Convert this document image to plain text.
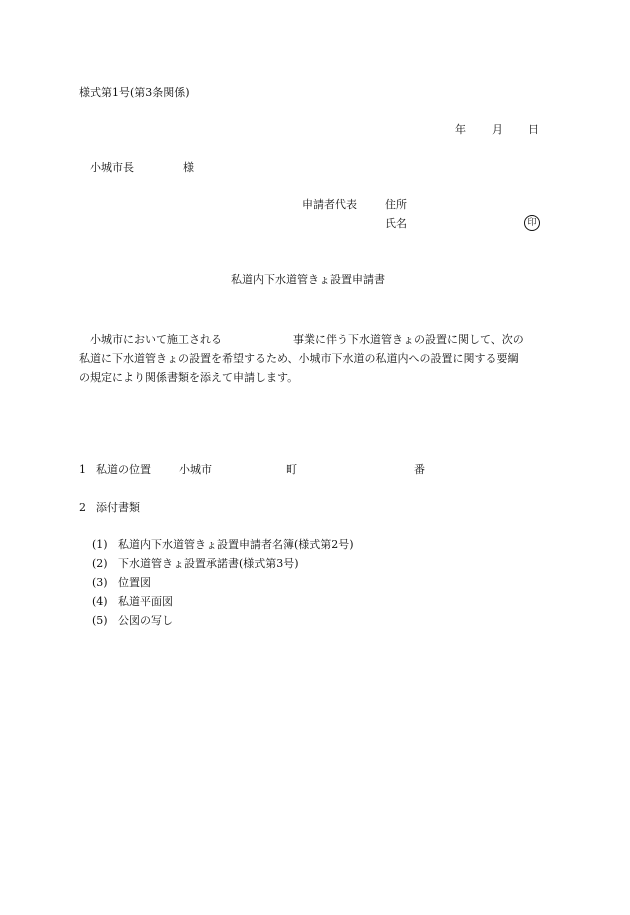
様式第1号(第3条関係)
年 月 日
小城市長	様
申請者代表	住所
氏名	印
私道内下水道管きょ設置申請書
小城市において施工される	事業に伴う下水道管きょの設置に関して、次の
私道に下水道管きょの設置を希望するため、小城市下水道の私道内への設置に関する要綱
の規定により関係書類を添えて申請します。
1 私道の位置	小城市	町	番
2 添付書類
(1) 私道内下水道管きょ設置申請者名簿(様式第2号)
(2) 下水道管きょ設置承諾書(様式第3号)
(3) 位置図
(4) 私道平面図
(5) 公図の写し
